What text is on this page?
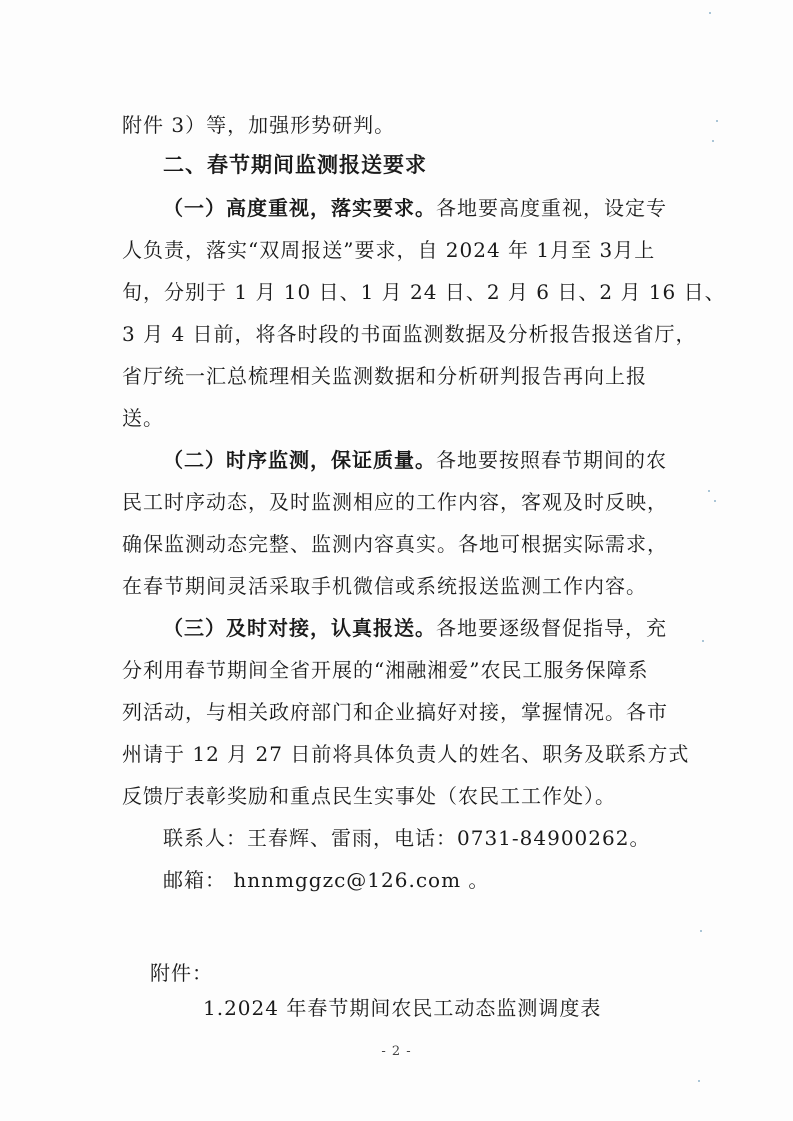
附件 3）等，加强形势研判。
二、春节期间监测报送要求
（一）高度重视，落实要求。各地要高度重视，设定专
人负责，落实“双周报送”要求，自 2024 年 1月至 3月上
旬，分别于 1 月 10 日、1 月 24 日、2 月 6 日、2 月 16 日、
3 月 4 日前，将各时段的书面监测数据及分析报告报送省厅，
省厅统一汇总梳理相关监测数据和分析研判报告再向上报
送。
（二）时序监测，保证质量。各地要按照春节期间的农
民工时序动态，及时监测相应的工作内容，客观及时反映，
确保监测动态完整、监测内容真实。各地可根据实际需求，
在春节期间灵活采取手机微信或系统报送监测工作内容。
（三）及时对接，认真报送。各地要逐级督促指导，充
分利用春节期间全省开展的“湘融湘爱”农民工服务保障系
列活动，与相关政府部门和企业搞好对接，掌握情况。各市
州请于 12 月 27 日前将具体负责人的姓名、职务及联系方式
反馈厅表彰奖励和重点民生实事处（农民工工作处）。
联系人：王春辉、雷雨，电话：0731-84900262。
邮箱： hnnmggzc@126.com 。
附件：
1.2024 年春节期间农民工动态监测调度表
- 2 -
